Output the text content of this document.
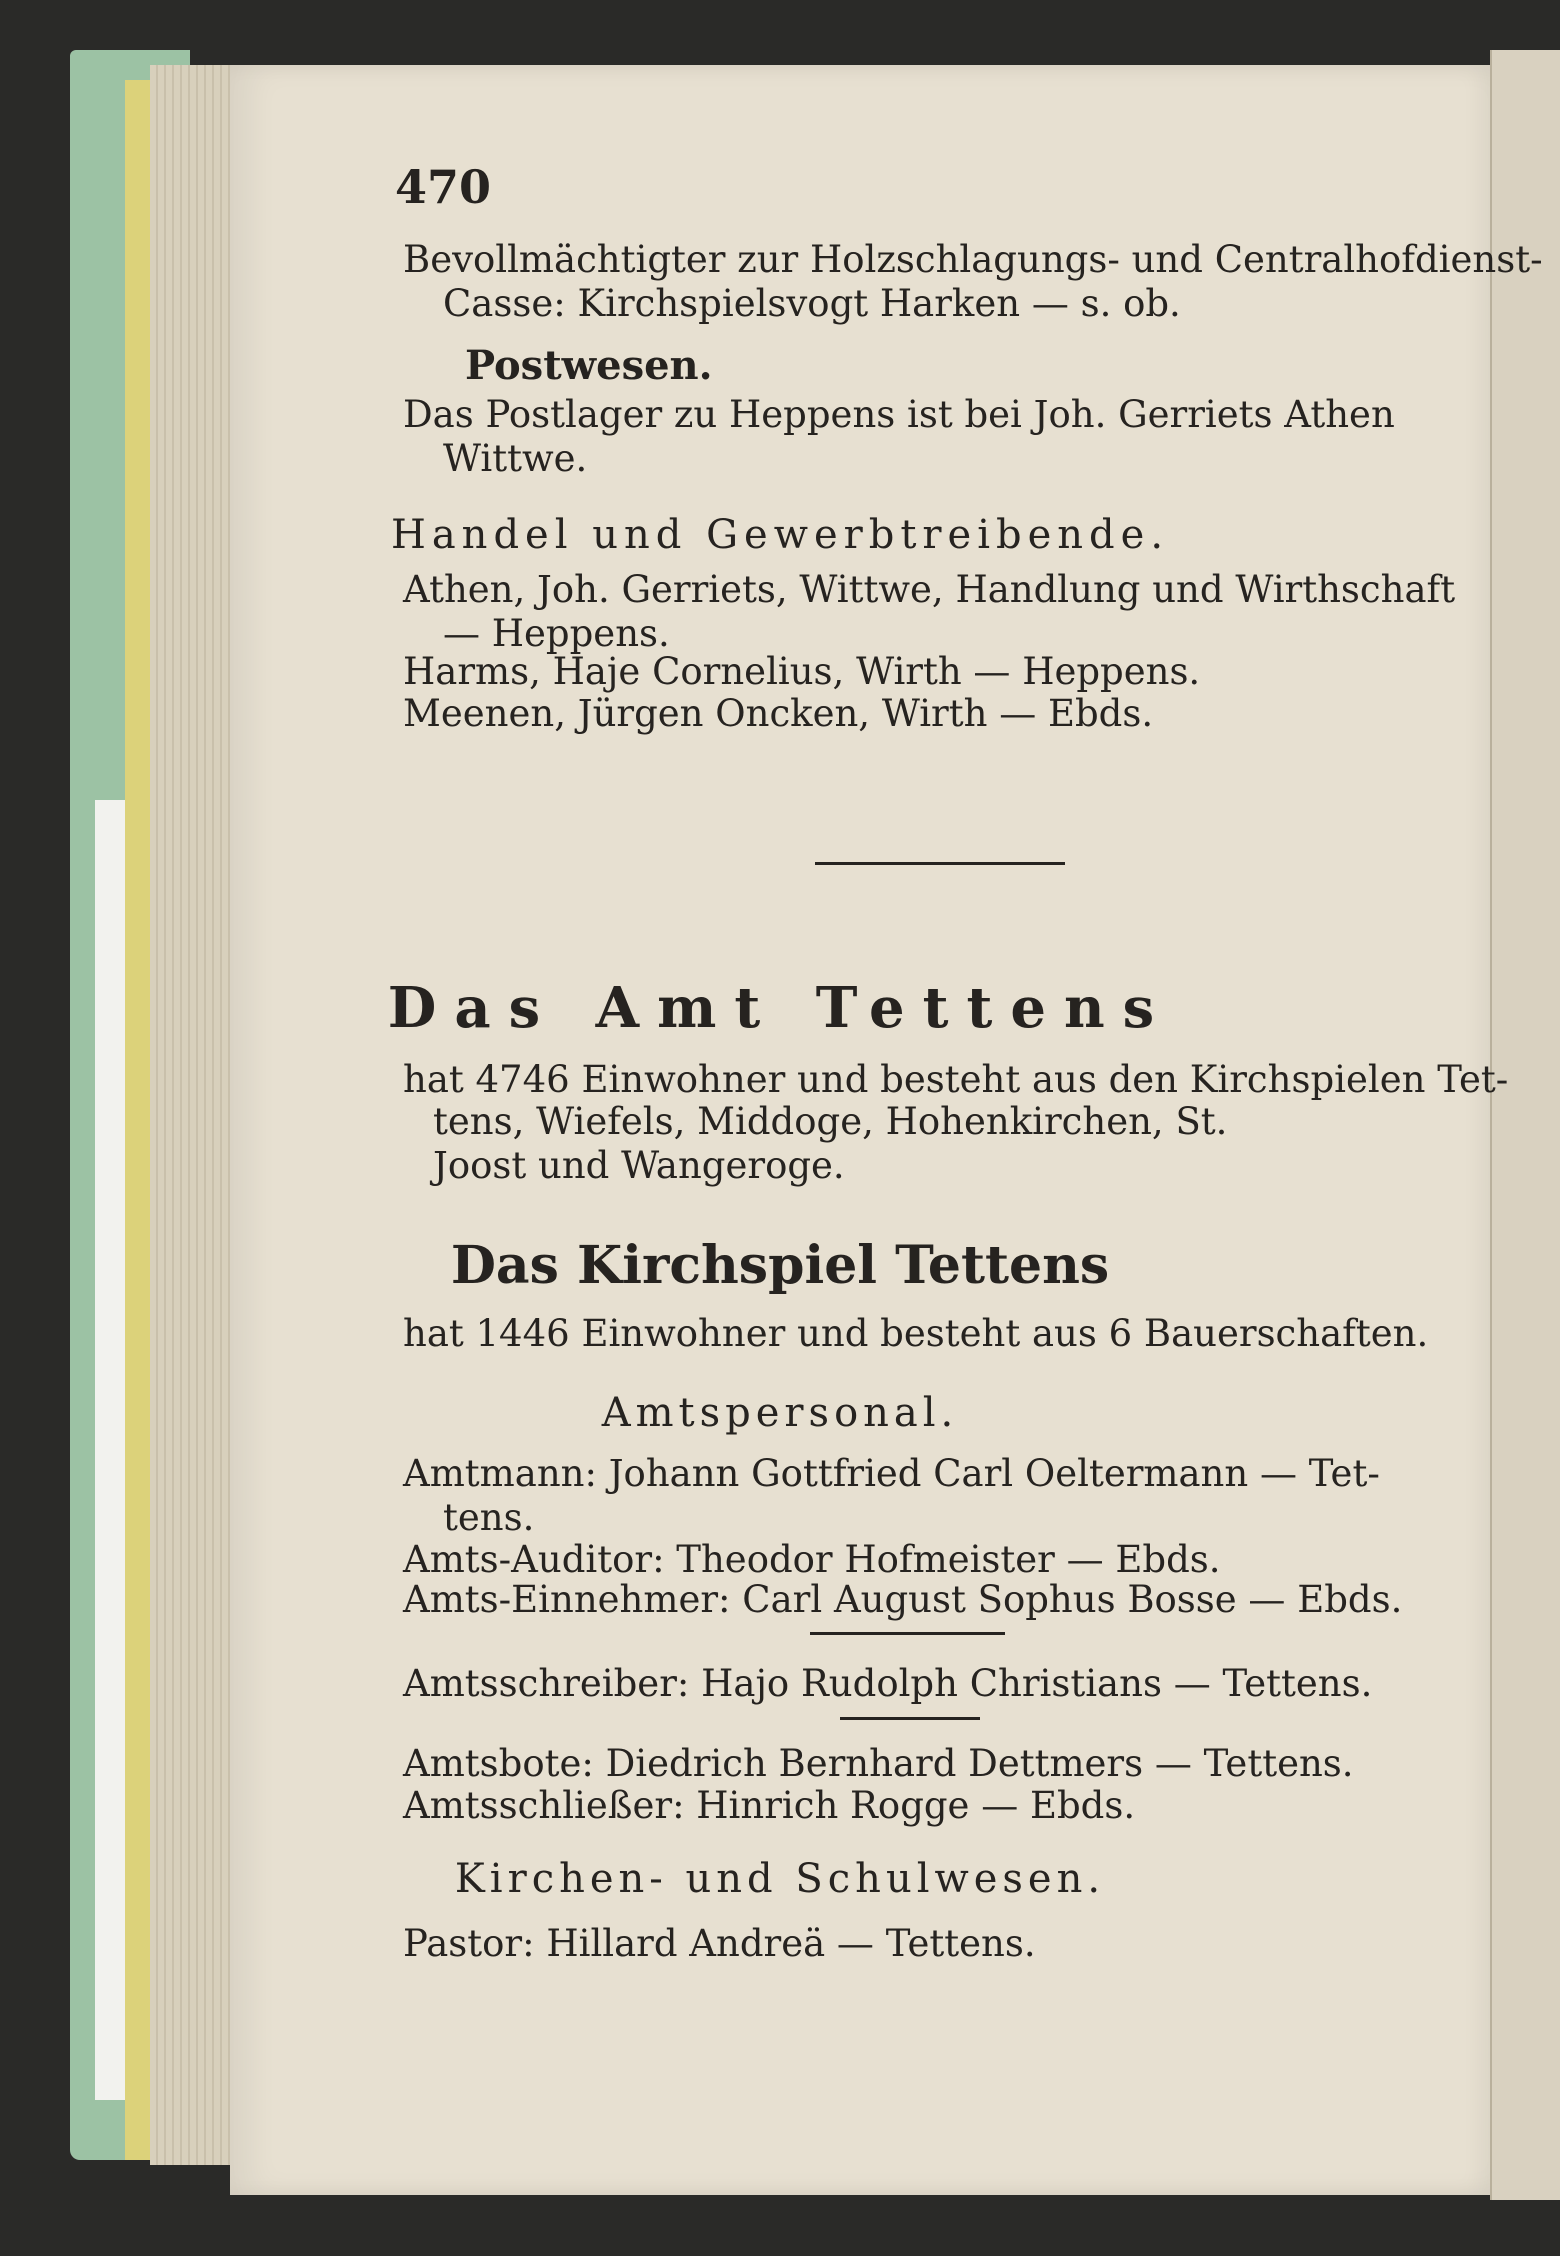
470
Bevollmächtigter zur Holzschlagungs- und Centralhofdienst-
Casse: Kirchspielsvogt Harken — s. ob.
Postwesen.
Das Postlager zu Heppens ist bei Joh. Gerriets Athen
Wittwe.
Handel und Gewerbtreibende.
Athen, Joh. Gerriets, Wittwe, Handlung und Wirthschaft
— Heppens.
Harms, Haje Cornelius, Wirth — Heppens.
Meenen, Jürgen Oncken, Wirth — Ebds.
Das Amt Tettens
hat 4746 Einwohner und besteht aus den Kirchspielen Tet-
tens, Wiefels, Middoge, Hohenkirchen, St.
Joost und Wangeroge.
Das Kirchspiel Tettens
hat 1446 Einwohner und besteht aus 6 Bauerschaften.
Amtspersonal.
Amtmann: Johann Gottfried Carl Oeltermann — Tet-
tens.
Amts-Auditor: Theodor Hofmeister — Ebds.
Amts-Einnehmer: Carl August Sophus Bosse — Ebds.
Amtsschreiber: Hajo Rudolph Christians — Tettens.
Amtsbote: Diedrich Bernhard Dettmers — Tettens.
Amtsschließer: Hinrich Rogge — Ebds.
Kirchen- und Schulwesen.
Pastor: Hillard Andreä — Tettens.
